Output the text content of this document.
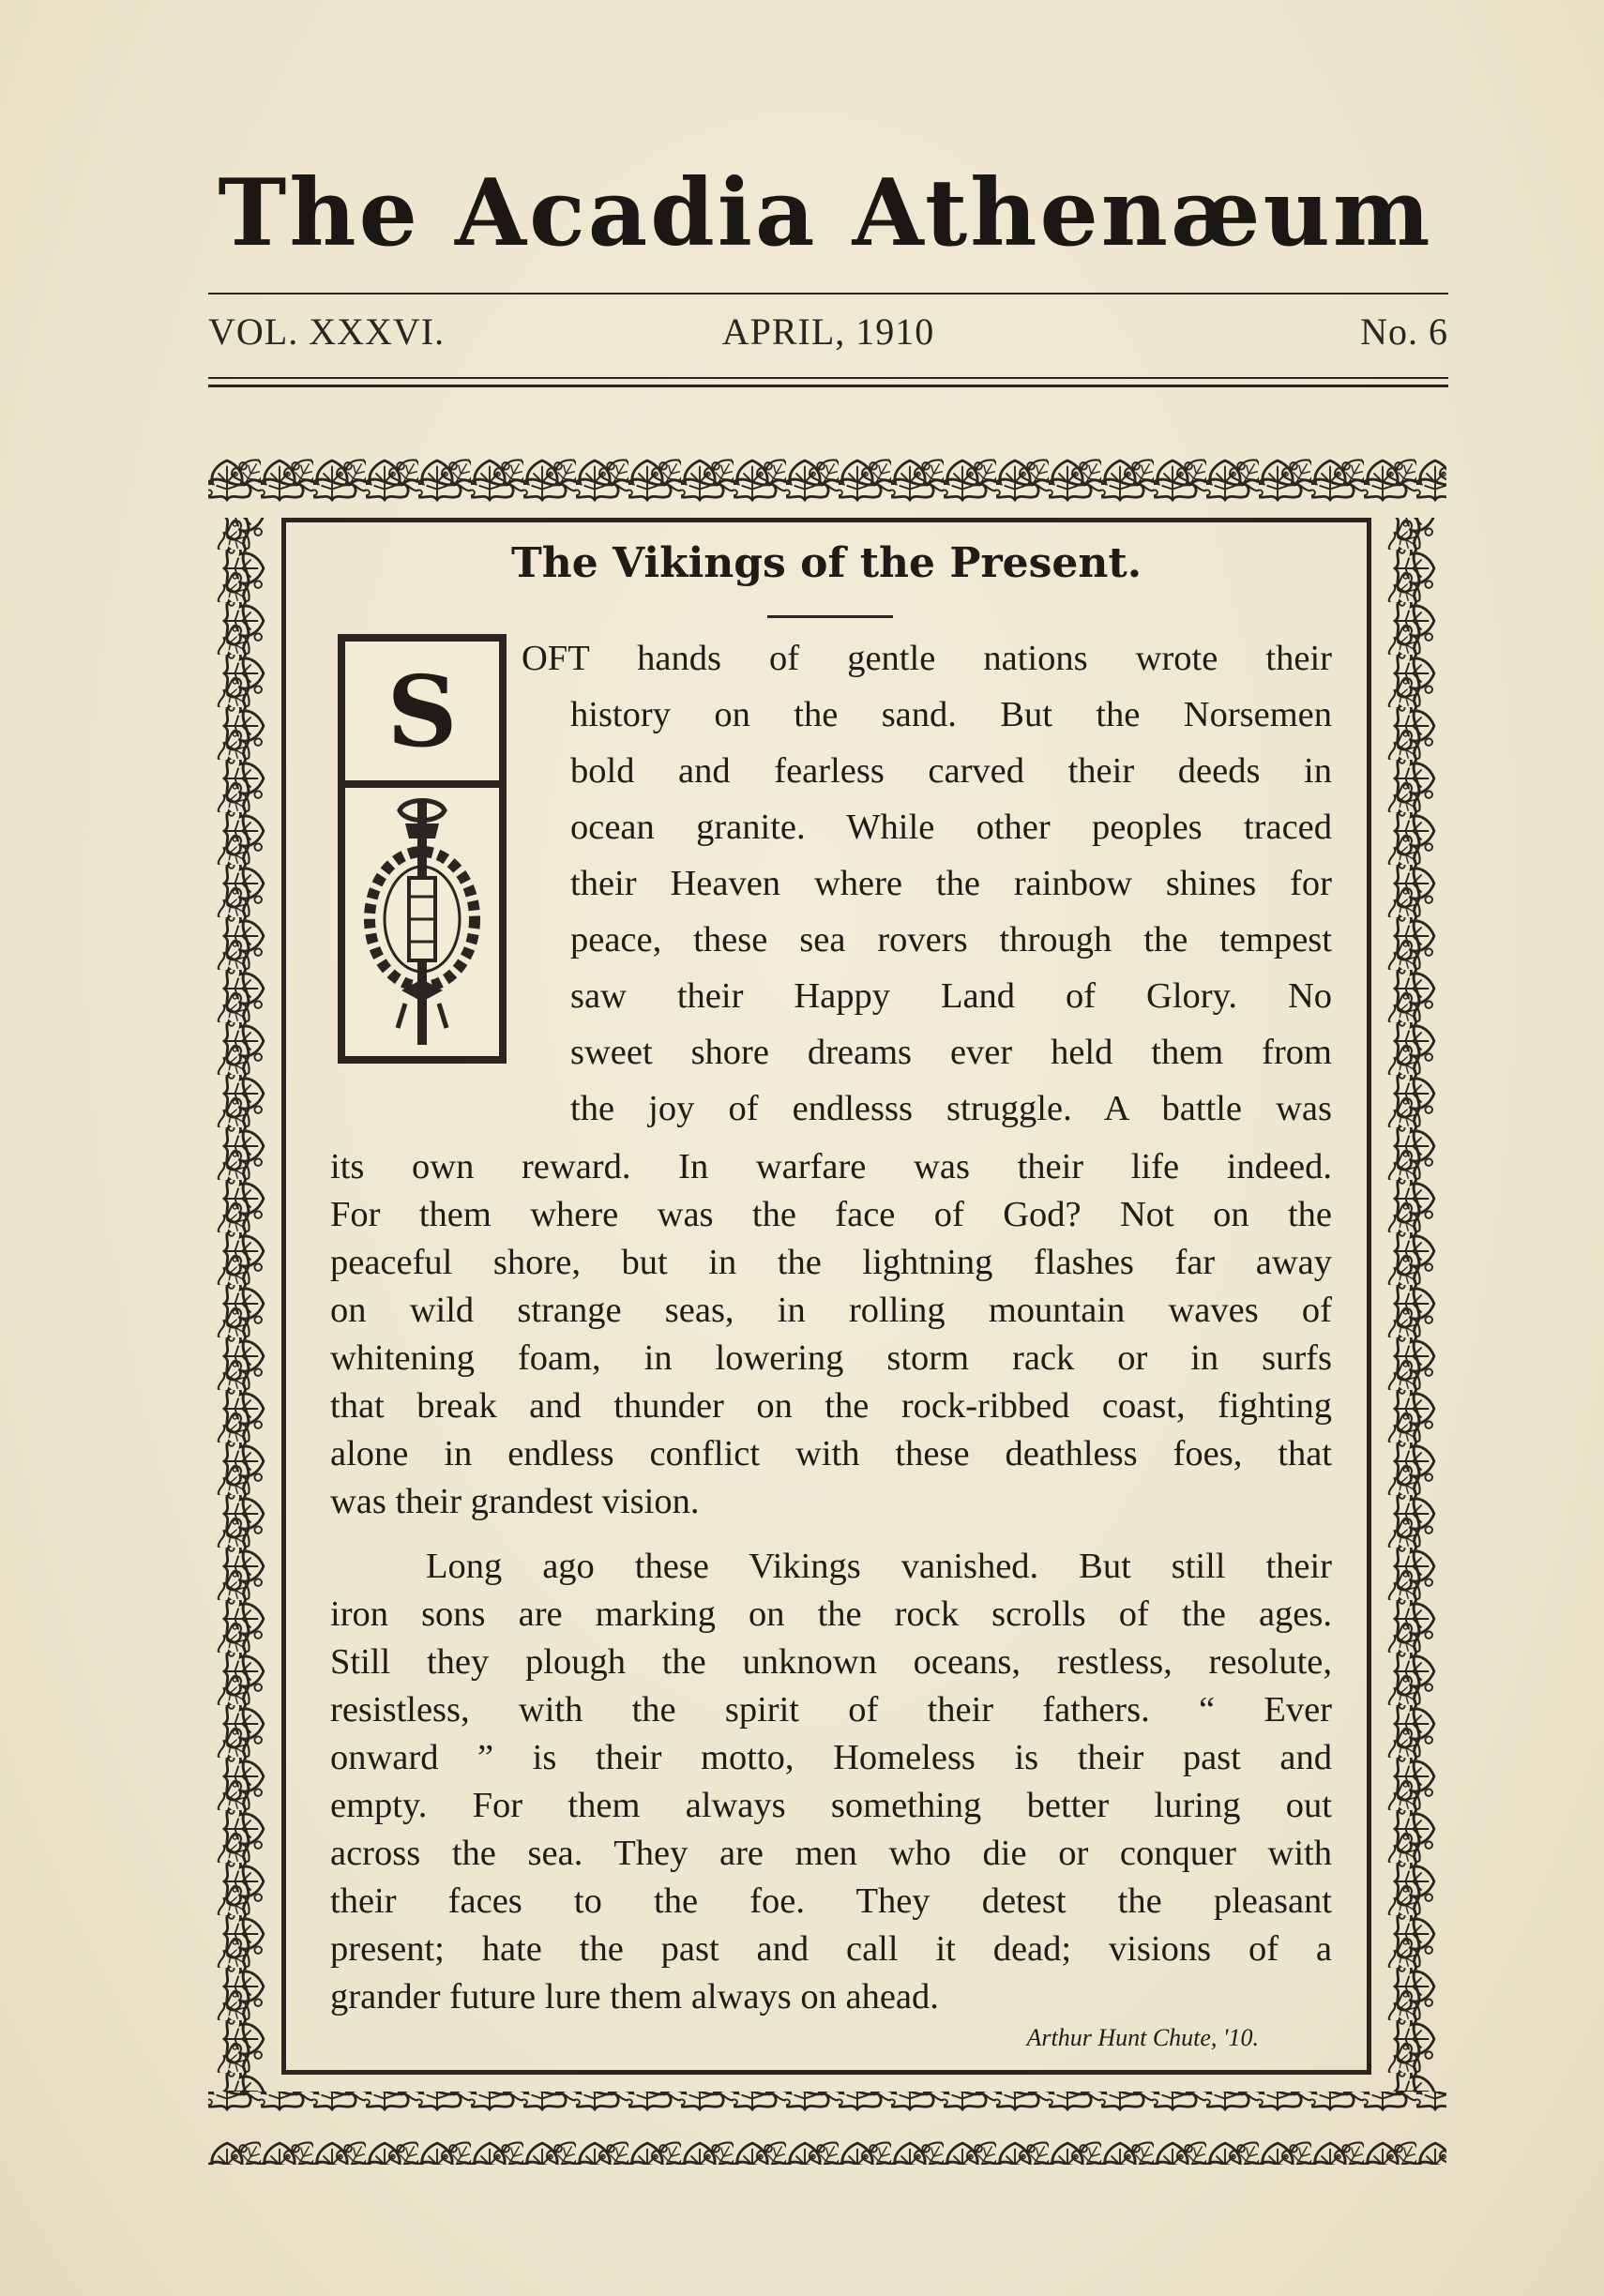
The Acadia Athenæum
VOL. XXXVI.	APRIL, 1910	No. 6
The Vikings of the Present.
S	OFT hands of gentle nations wrote their
history on the sand. But the Norsemen
bold and fearless carved their deeds in
ocean granite. While other peoples traced
their Heaven where the rainbow shines for
peace, these sea rovers through the tempest
saw their Happy Land of Glory. No
sweet shore dreams ever held them from
the joy of endlesss struggle. A battle was
its own reward. In warfare was their life indeed.
For them where was the face of God? Not on the
peaceful shore, but in the lightning flashes far away
on wild strange seas, in rolling mountain waves of
whitening foam, in lowering storm rack or in surfs
that break and thunder on the rock-ribbed coast, fighting
alone in endless conflict with these deathless foes, that
was their grandest vision.
Long ago these Vikings vanished. But still their
iron sons are marking on the rock scrolls of the ages.
Still they plough the unknown oceans, restless, resolute,
resistless, with the spirit of their fathers. “ Ever
onward ” is their motto, Homeless is their past and
empty. For them always something better luring out
across the sea. They are men who die or conquer with
their faces to the foe. They detest the pleasant
present; hate the past and call it dead; visions of a
grander future lure them always on ahead.
Arthur Hunt Chute, '10.
